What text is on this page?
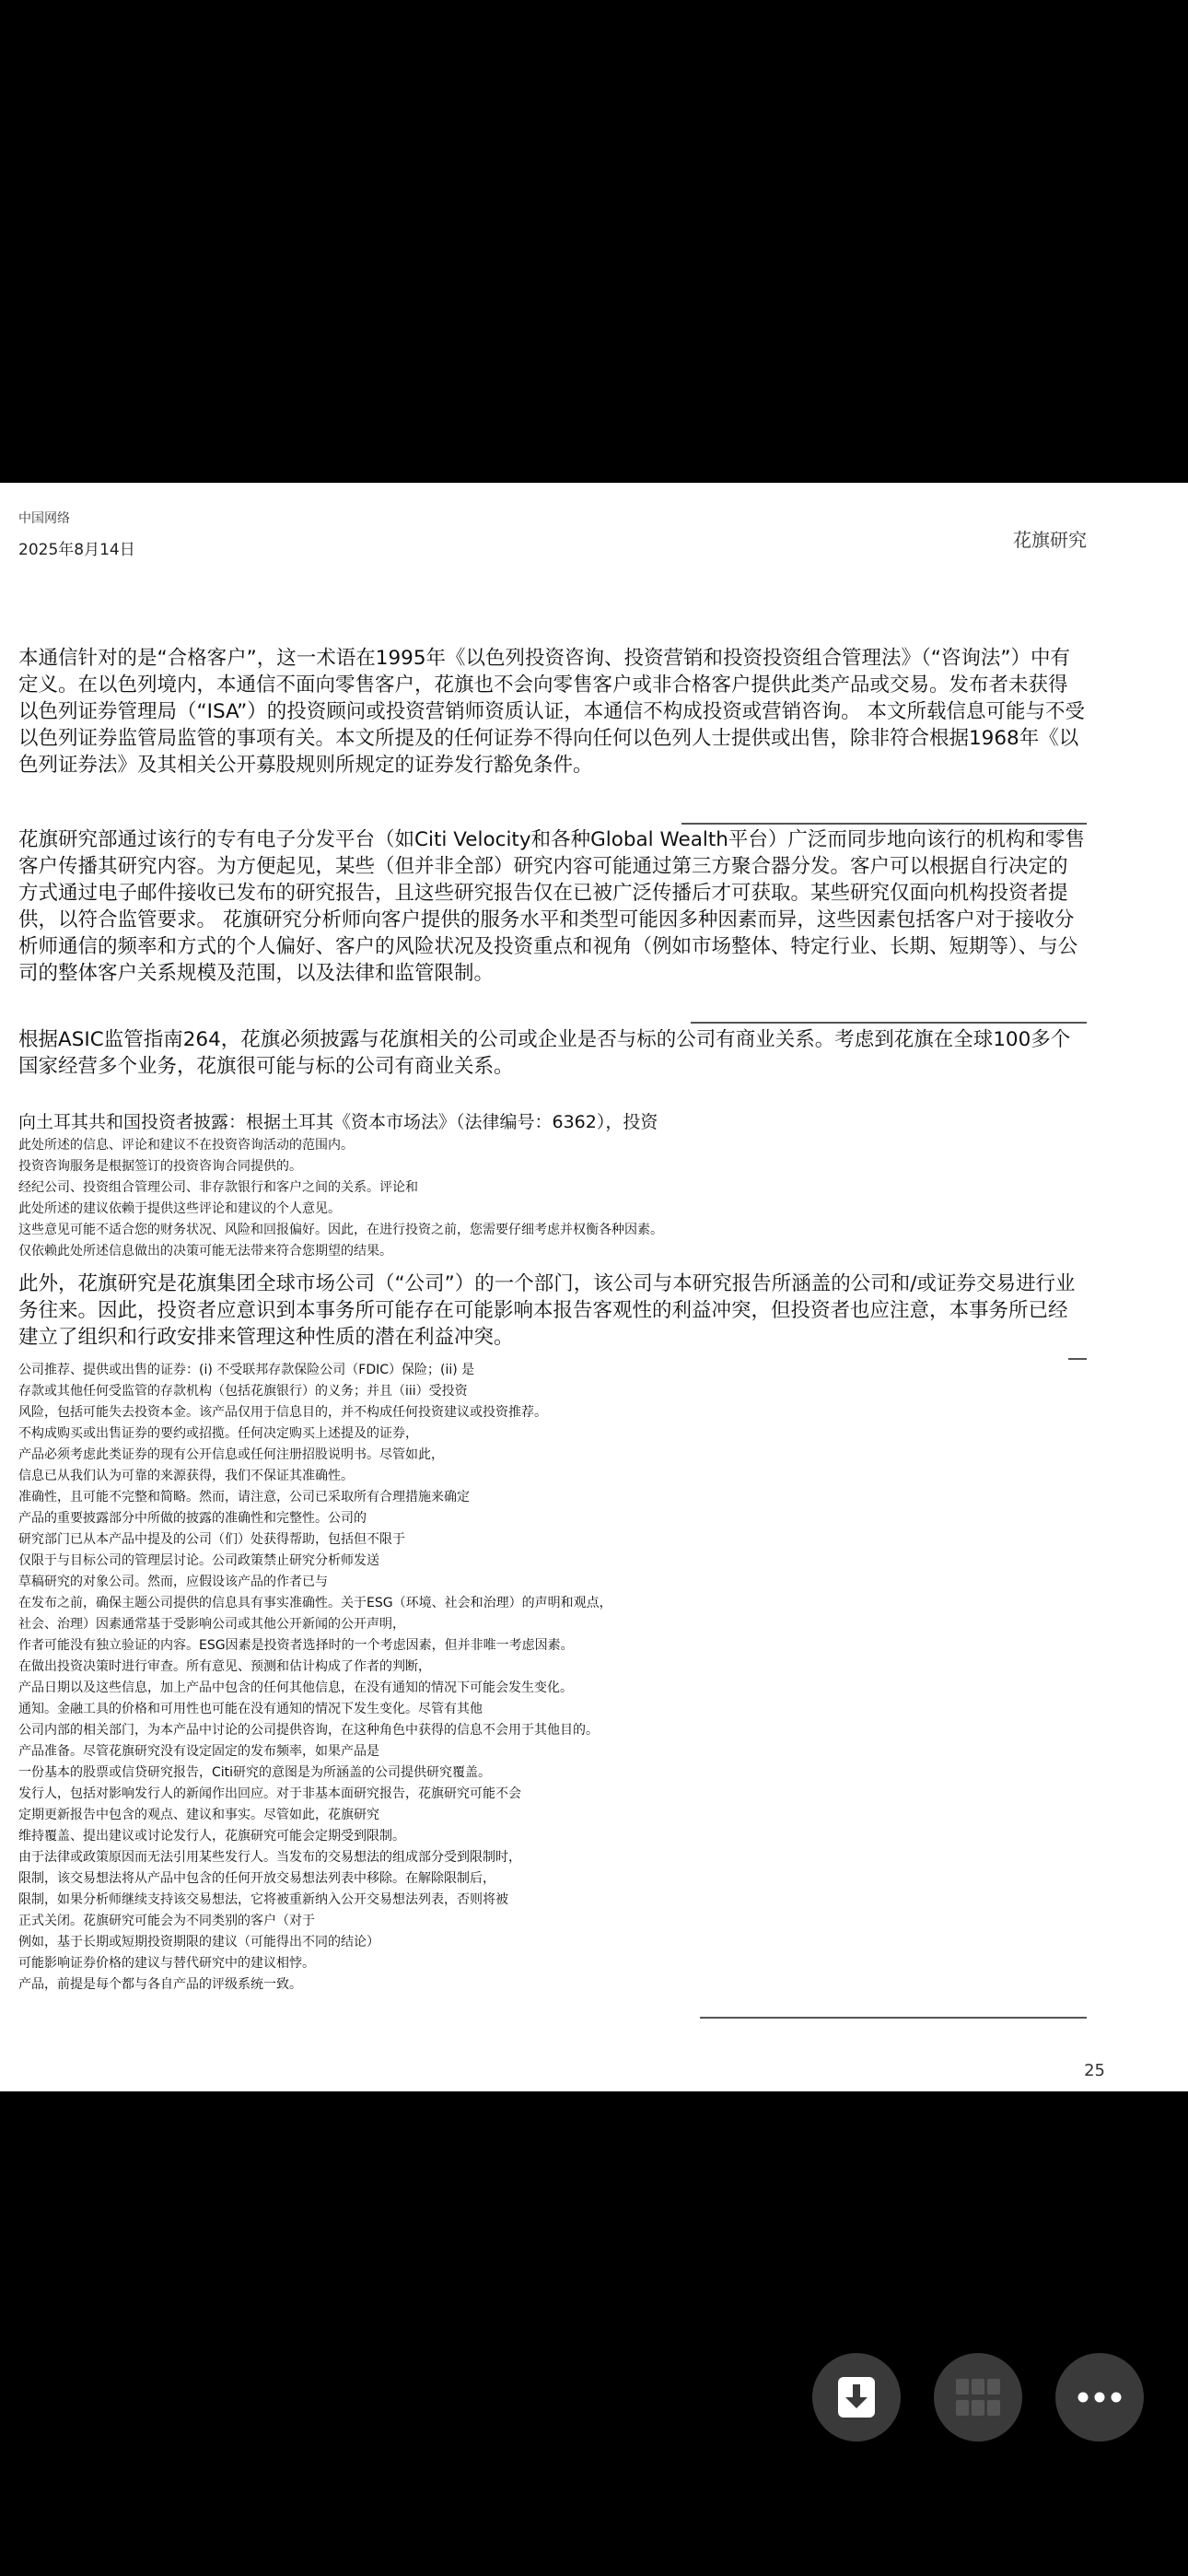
中国网络
2025年8月14日	花旗研究

本通信针对的是“合格客户”，这一术语在1995年《以色列投资咨询、投资营销和投资投资组合管理法》（“咨询法”）中有定义。在以色列境内，本通信不面向零售客户，花旗也不会向零售客户或非合格客户提供此类产品或交易。发布者未获得以色列证券管理局（“ISA”）的投资顾问或投资营销师资质认证，本通信不构成投资或营销咨询。 本文所载信息可能与不受以色列证券监管局监管的事项有关。本文所提及的任何证券不得向任何以色列人士提供或出售，除非符合根据1968年《以色列证券法》及其相关公开募股规则所规定的证券发行豁免条件。

花旗研究部通过该行的专有电子分发平台（如Citi Velocity和各种Global Wealth平台）广泛而同步地向该行的机构和零售客户传播其研究内容。为方便起见，某些（但并非全部）研究内容可能通过第三方聚合器分发。客户可以根据自行决定的方式通过电子邮件接收已发布的研究报告，且这些研究报告仅在已被广泛传播后才可获取。某些研究仅面向机构投资者提供，以符合监管要求。 花旗研究分析师向客户提供的服务水平和类型可能因多种因素而异，这些因素包括客户对于接收分析师通信的频率和方式的个人偏好、客户的风险状况及投资重点和视角（例如市场整体、特定行业、长期、短期等）、与公司的整体客户关系规模及范围，以及法律和监管限制。

根据ASIC监管指南264，花旗必须披露与花旗相关的公司或企业是否与标的公司有商业关系。考虑到花旗在全球100多个国家经营多个业务，花旗很可能与标的公司有商业关系。

向土耳其共和国投资者披露：根据土耳其《资本市场法》（法律编号：6362），投资

此处所述的信息、评论和建议不在投资咨询活动的范围内。
投资咨询服务是根据签订的投资咨询合同提供的。
经纪公司、投资组合管理公司、非存款银行和客户之间的关系。评论和
此处所述的建议依赖于提供这些评论和建议的个人意见。
这些意见可能不适合您的财务状况、风险和回报偏好。因此，在进行投资之前，您需要仔细考虑并权衡各种因素。
仅依赖此处所述信息做出的决策可能无法带来符合您期望的结果。

此外，花旗研究是花旗集团全球市场公司（“公司”）的一个部门，该公司与本研究报告所涵盖的公司和/或证券交易进行业务往来。因此，投资者应意识到本事务所可能存在可能影响本报告客观性的利益冲突，但投资者也应注意，本事务所已经建立了组织和行政安排来管理这种性质的潜在利益冲突。

公司推荐、提供或出售的证券：(i) 不受联邦存款保险公司（FDIC）保险；(ii) 是
存款或其他任何受监管的存款机构（包括花旗银行）的义务；并且（iii）受投资
风险，包括可能失去投资本金。该产品仅用于信息目的，并不构成任何投资建议或投资推荐。
不构成购买或出售证券的要约或招揽。任何决定购买上述提及的证券，
产品必须考虑此类证券的现有公开信息或任何注册招股说明书。尽管如此，
信息已从我们认为可靠的来源获得，我们不保证其准确性。
准确性，且可能不完整和简略。然而，请注意，公司已采取所有合理措施来确定
产品的重要披露部分中所做的披露的准确性和完整性。公司的
研究部门已从本产品中提及的公司（们）处获得帮助，包括但不限于
仅限于与目标公司的管理层讨论。公司政策禁止研究分析师发送
草稿研究的对象公司。然而，应假设该产品的作者已与
在发布之前，确保主题公司提供的信息具有事实准确性。关于ESG（环境、社会和治理）的声明和观点，
社会、治理）因素通常基于受影响公司或其他公开新闻的公开声明，
作者可能没有独立验证的内容。ESG因素是投资者选择时的一个考虑因素，但并非唯一考虑因素。
在做出投资决策时进行审查。所有意见、预测和估计构成了作者的判断，
产品日期以及这些信息，加上产品中包含的任何其他信息，在没有通知的情况下可能会发生变化。
通知。金融工具的价格和可用性也可能在没有通知的情况下发生变化。尽管有其他
公司内部的相关部门，为本产品中讨论的公司提供咨询，在这种角色中获得的信息不会用于其他目的。
产品准备。尽管花旗研究没有设定固定的发布频率，如果产品是
一份基本的股票或信贷研究报告，Citi研究的意图是为所涵盖的公司提供研究覆盖。
发行人，包括对影响发行人的新闻作出回应。对于非基本面研究报告，花旗研究可能不会
定期更新报告中包含的观点、建议和事实。尽管如此，花旗研究
维持覆盖、提出建议或讨论发行人，花旗研究可能会定期受到限制。
由于法律或政策原因而无法引用某些发行人。当发布的交易想法的组成部分受到限制时，
限制，该交易想法将从产品中包含的任何开放交易想法列表中移除。在解除限制后，
限制，如果分析师继续支持该交易想法，它将被重新纳入公开交易想法列表，否则将被
正式关闭。花旗研究可能会为不同类别的客户（对于
例如，基于长期或短期投资期限的建议（可能得出不同的结论）
可能影响证券价格的建议与替代研究中的建议相悖。
产品，前提是每个都与各自产品的评级系统一致。
25
